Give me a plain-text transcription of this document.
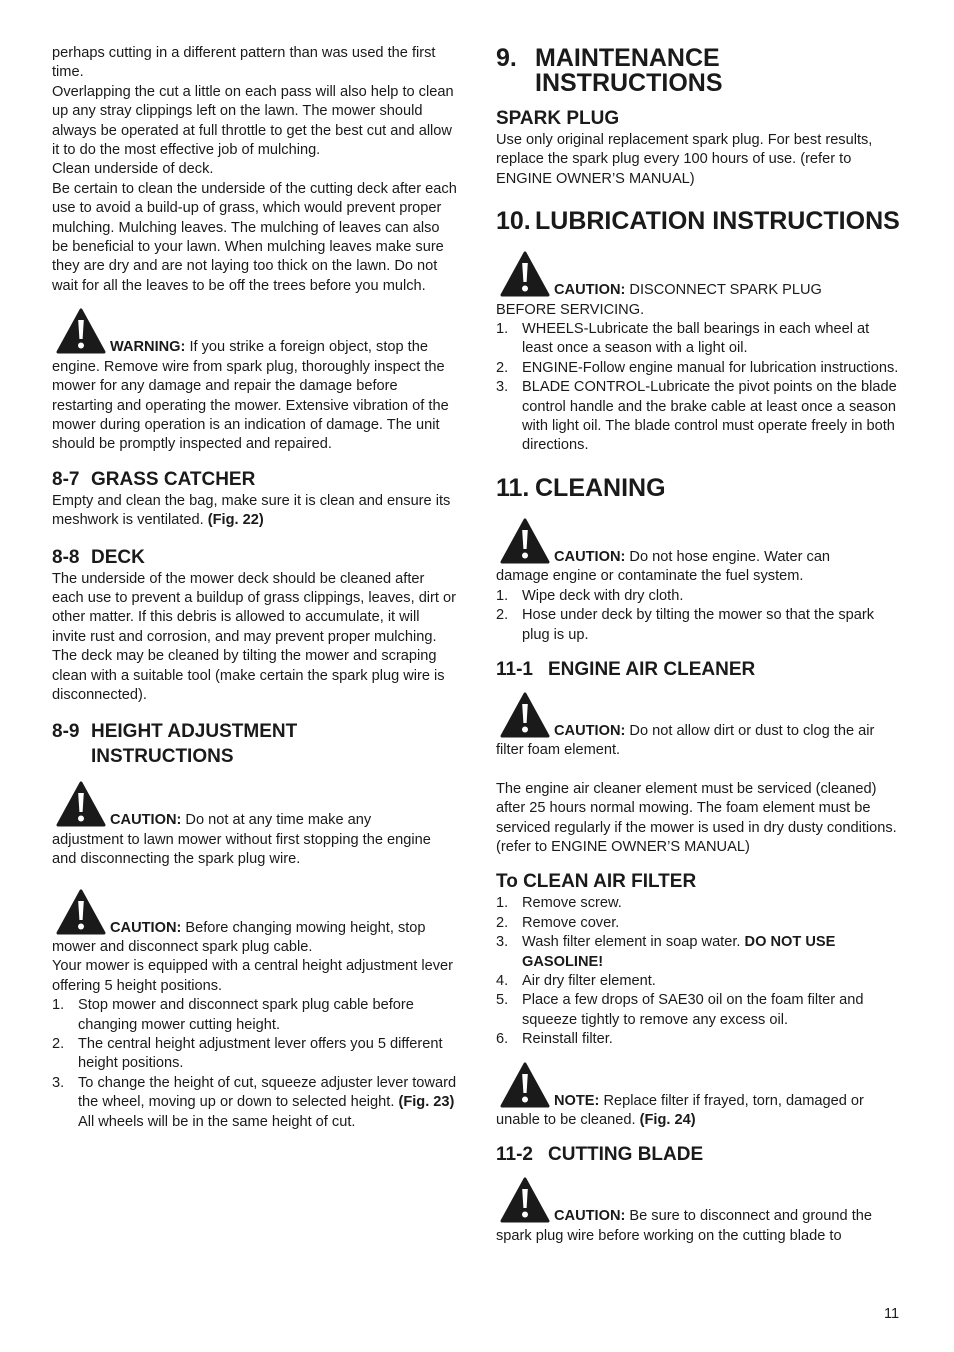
perhaps cutting in a different pattern than was used the first time.

Overlapping the cut a little on each pass will also help to clean up any stray clippings left on the lawn. The mower should always be operated at full throttle to get the best cut and allow it to do the most effective job of mulching.

Clean underside of deck.

Be certain to clean the underside of the cutting deck after each use to avoid a build-up of grass, which would prevent proper mulching. Mulching leaves. The mulching of leaves can also be beneficial to your lawn. When mulching leaves make sure they are dry and are not laying too thick on the lawn. Do not wait for all the leaves to be off the trees before you mulch.

WARNING: If you strike a foreign object, stop the
engine. Remove wire from spark plug, thoroughly inspect the mower for any damage and repair the damage before restarting and operating the mower. Extensive vibration of the mower during operation is an indication of damage. The unit should be promptly inspected and repaired.
8-7 GRASS CATCHER

Empty and clean the bag, make sure it is clean and ensure its meshwork is ventilated. (Fig. 22)

8-8 DECK

The underside of the mower deck should be cleaned after each use to prevent a buildup of grass clippings, leaves, dirt or other matter. If this debris is allowed to accumulate, it will invite rust and corrosion, and may prevent proper mulching. The deck may be cleaned by tilting the mower and scraping clean with a suitable tool (make certain the spark plug wire is disconnected).

8-9 HEIGHT ADJUSTMENT
INSTRUCTIONS
CAUTION: Do not at any time make any
adjustment to lawn mower without first stopping the engine and disconnecting the spark plug wire.
CAUTION: Before changing mowing height, stop
mower and disconnect spark plug cable.

Your mower is equipped with a central height adjustment lever offering 5 height positions.

1. Stop mower and disconnect spark plug cable before changing mower cutting height.
2. The central height adjustment lever offers you 5 different height positions.
3. To change the height of cut, squeeze adjuster lever toward the wheel, moving up or down to selected height. (Fig. 23) All wheels will be in the same height of cut.
9. MAINTENANCE
INSTRUCTIONS
SPARK PLUG

Use only original replacement spark plug. For best results, replace the spark plug every 100 hours of use. (refer to ENGINE OWNER’S MANUAL)

10. LUBRICATION INSTRUCTIONS
CAUTION: DISCONNECT SPARK PLUG
BEFORE SERVICING.
1. WHEELS-Lubricate the ball bearings in each wheel at least once a season with a light oil.
2. ENGINE-Follow engine manual for lubrication instructions.
3. BLADE CONTROL-Lubricate the pivot points on the blade control handle and the brake cable at least once a season with light oil. The blade control must operate freely in both directions.
11. CLEANING
CAUTION: Do not hose engine. Water can
damage engine or contaminate the fuel system.
1. Wipe deck with dry cloth.
2. Hose under deck by tilting the mower so that the spark plug is up.
11-1 ENGINE AIR CLEANER
CAUTION: Do not allow dirt or dust to clog the air
filter foam element.

The engine air cleaner element must be serviced (cleaned) after 25 hours normal mowing. The foam element must be serviced regularly if the mower is used in dry dusty conditions. (refer to ENGINE OWNER’S MANUAL)

To CLEAN AIR FILTER
1. Remove screw.
2. Remove cover.
3. Wash filter element in soap water. DO NOT USE GASOLINE!
4. Air dry filter element.
5. Place a few drops of SAE30 oil on the foam filter and squeeze tightly to remove any excess oil.
6. Reinstall filter.
NOTE: Replace filter if frayed, torn, damaged or
unable to be cleaned. (Fig. 24)
11-2 CUTTING BLADE
CAUTION: Be sure to disconnect and ground the
spark plug wire before working on the cutting blade to
11
